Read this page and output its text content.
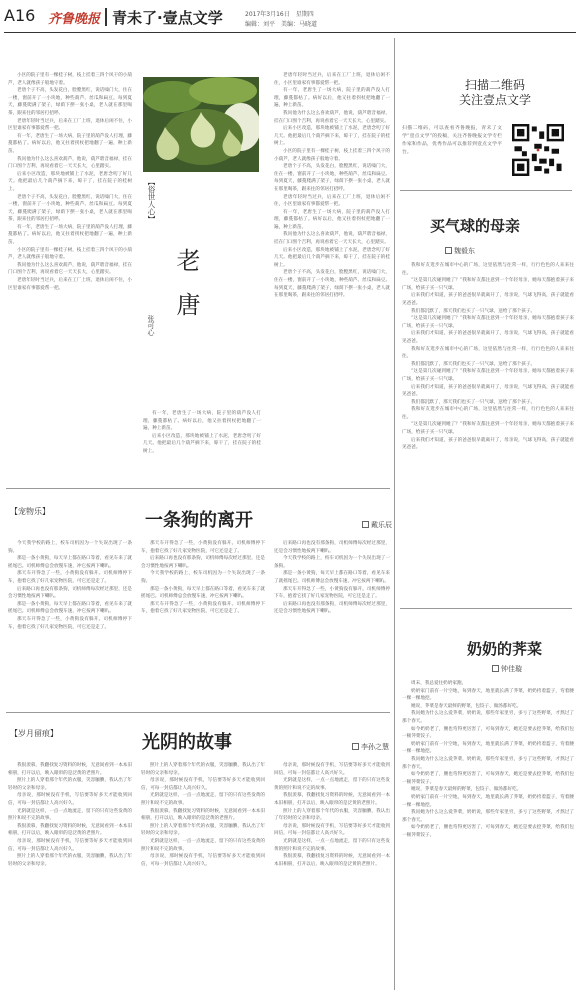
A16 齐鲁晚报 青未了·壹点文学	2017年3月16日　星期四
编辑：刘平　美编：马晓道

小区的院子里有一棵桂子树，枝上挂着三四个风干的小葫芦，老人就像孩子般地守着。

老唐个子不高，头发花白，脸膛黑红，说话嗓门大，住在一楼，窗前开了一小块地，种些葫芦、丝瓜和扁豆。每到夏天，藤蔓爬满了架子，绿荫下摆一张小桌，老人就在那里喝茶，跟来往的邻居打招呼。

老唐年轻时当过兵，后来在工厂上班，退休后闲不住，小区里谁家有事都爱帮一把。

有一年，老唐生了一场大病，院子里的葫芦没人打理，藤蔓都枯了。病好以后，他又拄着拐杖把地翻了一遍，种上新苗。

我问他为什么这么喜欢葫芦，他说，葫芦谐音福禄，挂在门口图个吉利，再说看着它一天天长大，心里踏实。

后来小区改造，那块地被铺上了水泥，老唐念叨了好几天。他把最后几个葫芦摘下来，晾干了，挂在院子的桂树上。

老唐个子不高，头发花白，脸膛黑红，说话嗓门大，住在一楼，窗前开了一小块地，种些葫芦、丝瓜和扁豆。每到夏天，藤蔓爬满了架子，绿荫下摆一张小桌，老人就在那里喝茶，跟来往的邻居打招呼。

有一年，老唐生了一场大病，院子里的葫芦没人打理，藤蔓都枯了。病好以后，他又拄着拐杖把地翻了一遍，种上新苗。

小区的院子里有一棵桂子树，枝上挂着三四个风干的小葫芦，老人就像孩子般地守着。

我问他为什么这么喜欢葫芦，他说，葫芦谐音福禄，挂在门口图个吉利，再说看着它一天天长大，心里踏实。

老唐年轻时当过兵，后来在工厂上班，退休后闲不住，小区里谁家有事都爱帮一把。

【俗世人心】
老唐
张可心

有一年，老唐生了一场大病，院子里的葫芦没人打理，藤蔓都枯了。病好以后，他又拄着拐杖把地翻了一遍，种上新苗。

后来小区改造，那块地被铺上了水泥，老唐念叨了好几天。他把最后几个葫芦摘下来，晾干了，挂在院子的桂树上。

老唐年轻时当过兵，后来在工厂上班，退休后闲不住，小区里谁家有事都爱帮一把。

有一年，老唐生了一场大病，院子里的葫芦没人打理，藤蔓都枯了。病好以后，他又拄着拐杖把地翻了一遍，种上新苗。

我问他为什么这么喜欢葫芦，他说，葫芦谐音福禄，挂在门口图个吉利，再说看着它一天天长大，心里踏实。

后来小区改造，那块地被铺上了水泥，老唐念叨了好几天。他把最后几个葫芦摘下来，晾干了，挂在院子的桂树上。

小区的院子里有一棵桂子树，枝上挂着三四个风干的小葫芦，老人就像孩子般地守着。

老唐个子不高，头发花白，脸膛黑红，说话嗓门大，住在一楼，窗前开了一小块地，种些葫芦、丝瓜和扁豆。每到夏天，藤蔓爬满了架子，绿荫下摆一张小桌，老人就在那里喝茶，跟来往的邻居打招呼。

老唐年轻时当过兵，后来在工厂上班，退休后闲不住，小区里谁家有事都爱帮一把。

有一年，老唐生了一场大病，院子里的葫芦没人打理，藤蔓都枯了。病好以后，他又拄着拐杖把地翻了一遍，种上新苗。

我问他为什么这么喜欢葫芦，他说，葫芦谐音福禄，挂在门口图个吉利，再说看着它一天天长大，心里踏实。

后来小区改造，那块地被铺上了水泥，老唐念叨了好几天。他把最后几个葫芦摘下来，晾干了，挂在院子的桂树上。

老唐个子不高，头发花白，脸膛黑红，说话嗓门大，住在一楼，窗前开了一小块地，种些葫芦、丝瓜和扁豆。每到夏天，藤蔓爬满了架子，绿荫下摆一张小桌，老人就在那里喝茶，跟来往的邻居打招呼。

扫描二维码
关注壹点文学
扫描二维码，可以查看齐鲁晚报，青未了文学“壹点文学”的投稿，关注齐鲁晚报文学专栏作家和作品，优秀作品可以推荐到壹点文学平台。
买气球的母亲
魏毅东

我和好友逛步在城市中心的广场，这里依然与往常一样，行行色色的人来来往往。

“这是第几次碰到她了？”我和好友都注意到一个年轻母亲，她每天都抱着孩子来广场，给孩子买一只气球。

后来我们才知道，孩子的爸爸很早就离开了，母亲说，气球飞得高，孩子就能看见爸爸。

我们都沉默了，那天我们也买了一只气球，送给了那个孩子。

“这是第几次碰到她了？”我和好友都注意到一个年轻母亲，她每天都抱着孩子来广场，给孩子买一只气球。

后来我们才知道，孩子的爸爸很早就离开了，母亲说，气球飞得高，孩子就能看见爸爸。

我和好友逛步在城市中心的广场，这里依然与往常一样，行行色色的人来来往往。

我们都沉默了，那天我们也买了一只气球，送给了那个孩子。

“这是第几次碰到她了？”我和好友都注意到一个年轻母亲，她每天都抱着孩子来广场，给孩子买一只气球。

后来我们才知道，孩子的爸爸很早就离开了，母亲说，气球飞得高，孩子就能看见爸爸。

我们都沉默了，那天我们也买了一只气球，送给了那个孩子。

我和好友逛步在城市中心的广场，这里依然与往常一样，行行色色的人来来往往。

“这是第几次碰到她了？”我和好友都注意到一个年轻母亲，她每天都抱着孩子来广场，给孩子买一只气球。

后来我们才知道，孩子的爸爸很早就离开了，母亲说，气球飞得高，孩子就能看见爸爸。

奶奶的荠菜
钟佳璇

周末，我总爱往奶奶家跑。

奶奶家门前有一片空地，每到春天，地里就长满了荠菜，奶奶挎着篮子，弯着腰一棵一棵地挖。

她说，荠菜是春天最鲜的野菜，包饺子、做汤都好吃。

我问她为什么这么爱荠菜，奶奶说，那些年家里穷，多亏了这些野菜，才熬过了那个春天。

如今奶奶老了，腰也弯得更厉害了，可每到春天，她还是要去挖荠菜，给我们包一顿荠菜饺子。

奶奶家门前有一片空地，每到春天，地里就长满了荠菜，奶奶挎着篮子，弯着腰一棵一棵地挖。

我问她为什么这么爱荠菜，奶奶说，那些年家里穷，多亏了这些野菜，才熬过了那个春天。

如今奶奶老了，腰也弯得更厉害了，可每到春天，她还是要去挖荠菜，给我们包一顿荠菜饺子。

她说，荠菜是春天最鲜的野菜，包饺子、做汤都好吃。

奶奶家门前有一片空地，每到春天，地里就长满了荠菜，奶奶挎着篮子，弯着腰一棵一棵地挖。

我问她为什么这么爱荠菜，奶奶说，那些年家里穷，多亏了这些野菜，才熬过了那个春天。

如今奶奶老了，腰也弯得更厉害了，可每到春天，她还是要去挖荠菜，给我们包一顿荠菜饺子。

【宠物乐】	一条狗的离开	戴乐辰

今天我学校的路上，校车司机因为一个失误出现了一条狗。

那是一条小黄狗，每天早上都在路口等着，看见车来了就摇尾巴。司机师傅总会放慢车速，冲它按两下喇叭。

那天车开得急了一些，小黄狗没有躲开。司机师傅停下车，抱着它找了好几家宠物医院，可它还是走了。

后来路口再也没有那条狗，司机师傅每次经过那里，还是会习惯性地按两下喇叭。

那是一条小黄狗，每天早上都在路口等着，看见车来了就摇尾巴。司机师傅总会放慢车速，冲它按两下喇叭。

那天车开得急了一些，小黄狗没有躲开。司机师傅停下车，抱着它找了好几家宠物医院，可它还是走了。

那天车开得急了一些，小黄狗没有躲开。司机师傅停下车，抱着它找了好几家宠物医院，可它还是走了。

后来路口再也没有那条狗，司机师傅每次经过那里，还是会习惯性地按两下喇叭。

今天我学校的路上，校车司机因为一个失误出现了一条狗。

那是一条小黄狗，每天早上都在路口等着，看见车来了就摇尾巴。司机师傅总会放慢车速，冲它按两下喇叭。

那天车开得急了一些，小黄狗没有躲开。司机师傅停下车，抱着它找了好几家宠物医院，可它还是走了。

后来路口再也没有那条狗，司机师傅每次经过那里，还是会习惯性地按两下喇叭。

今天我学校的路上，校车司机因为一个失误出现了一条狗。

那是一条小黄狗，每天早上都在路口等着，看见车来了就摇尾巴。司机师傅总会放慢车速，冲它按两下喇叭。

那天车开得急了一些，小黄狗没有躲开。司机师傅停下车，抱着它找了好几家宠物医院，可它还是走了。

后来路口再也没有那条狗，司机师傅每次经过那里，还是会习惯性地按两下喇叭。

【岁月留痕】	光阴的故事	李孙之慧

我很羡慕，我翻找复习资料的时候，无意间看到一本本旧相册，打开以后，映入眼帘的是泛黄的老照片。

照片上的人穿着那个年代的衣服，笑容腼腆，我认出了年轻时的父亲和母亲。

母亲说，那时候没有手机，写信要等好多天才能收到回信，可每一封信都让人高兴好久。

光阴就是这样，一点一点地流走，留下的只有这些发黄的照片和说不完的故事。

我很羡慕，我翻找复习资料的时候，无意间看到一本本旧相册，打开以后，映入眼帘的是泛黄的老照片。

母亲说，那时候没有手机，写信要等好多天才能收到回信，可每一封信都让人高兴好久。

照片上的人穿着那个年代的衣服，笑容腼腆，我认出了年轻时的父亲和母亲。

照片上的人穿着那个年代的衣服，笑容腼腆，我认出了年轻时的父亲和母亲。

母亲说，那时候没有手机，写信要等好多天才能收到回信，可每一封信都让人高兴好久。

光阴就是这样，一点一点地流走，留下的只有这些发黄的照片和说不完的故事。

我很羡慕，我翻找复习资料的时候，无意间看到一本本旧相册，打开以后，映入眼帘的是泛黄的老照片。

照片上的人穿着那个年代的衣服，笑容腼腆，我认出了年轻时的父亲和母亲。

光阴就是这样，一点一点地流走，留下的只有这些发黄的照片和说不完的故事。

母亲说，那时候没有手机，写信要等好多天才能收到回信，可每一封信都让人高兴好久。

母亲说，那时候没有手机，写信要等好多天才能收到回信，可每一封信都让人高兴好久。

光阴就是这样，一点一点地流走，留下的只有这些发黄的照片和说不完的故事。

我很羡慕，我翻找复习资料的时候，无意间看到一本本旧相册，打开以后，映入眼帘的是泛黄的老照片。

照片上的人穿着那个年代的衣服，笑容腼腆，我认出了年轻时的父亲和母亲。

母亲说，那时候没有手机，写信要等好多天才能收到回信，可每一封信都让人高兴好久。

光阴就是这样，一点一点地流走，留下的只有这些发黄的照片和说不完的故事。

我很羡慕，我翻找复习资料的时候，无意间看到一本本旧相册，打开以后，映入眼帘的是泛黄的老照片。
